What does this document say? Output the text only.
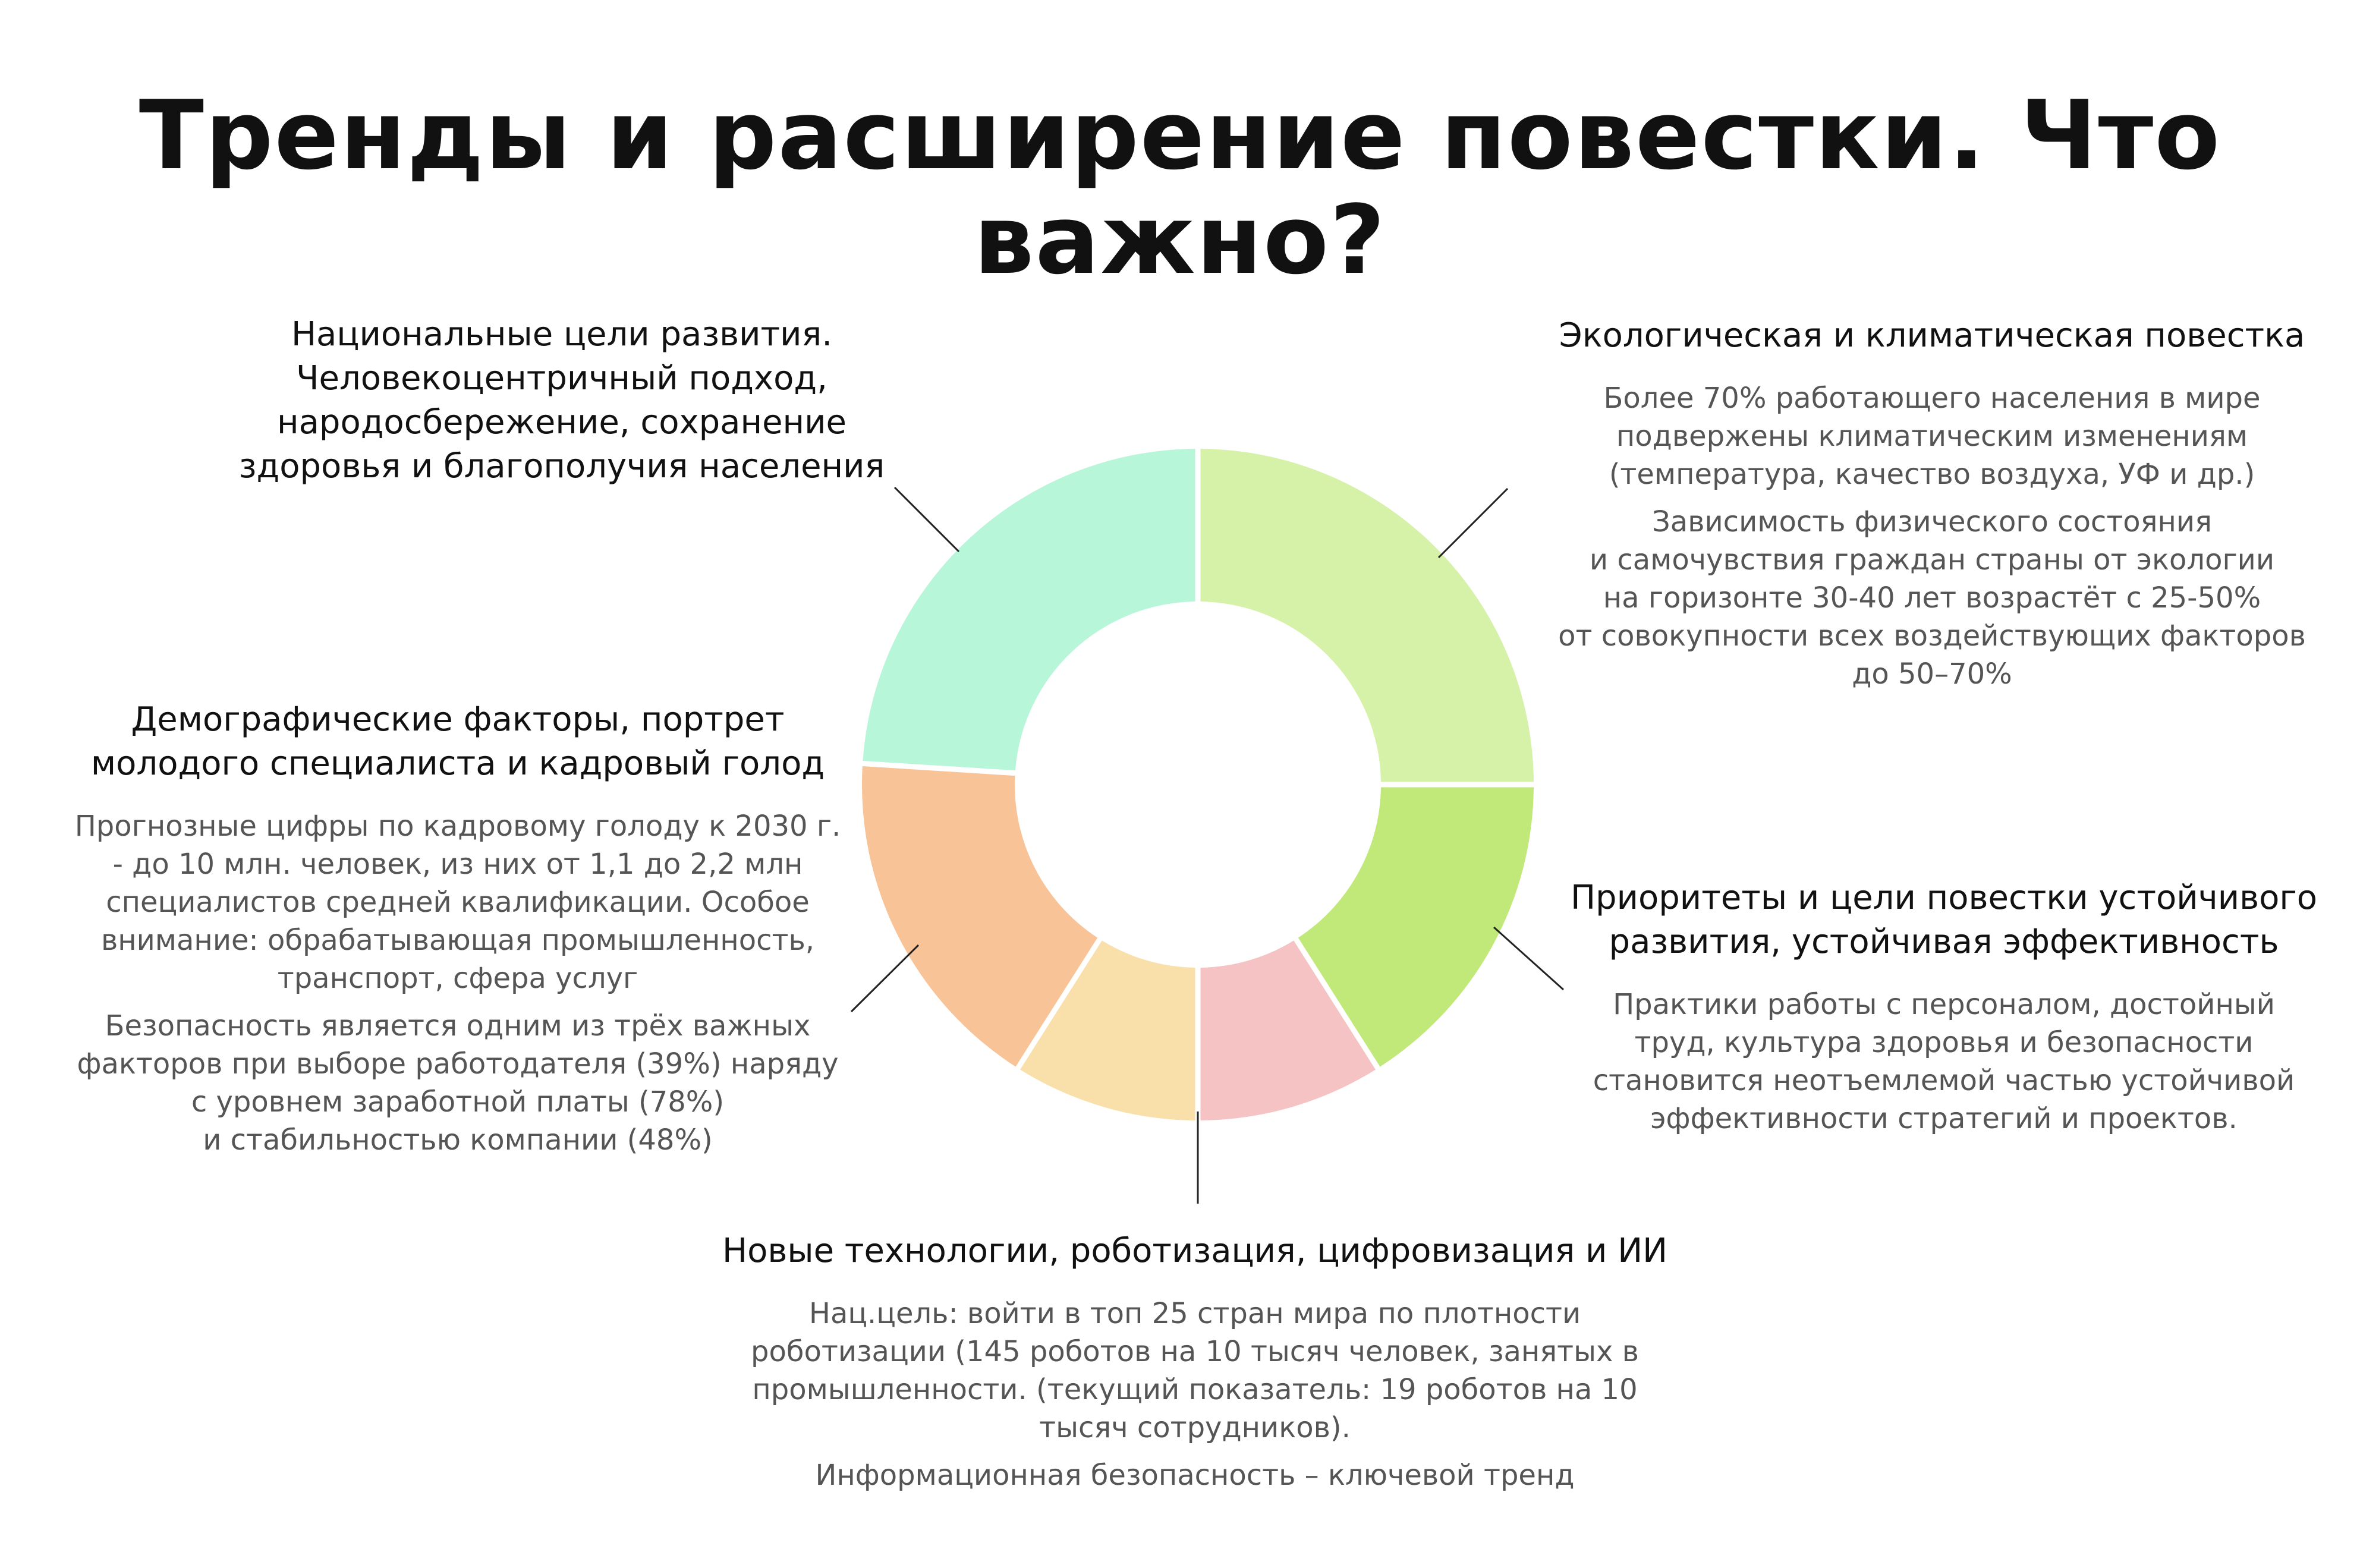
Тренды и расширение повестки. Что важно?

Национальные цели развития.
Человекоцентричный подход,
народосбережение, сохранение
здоровья и благополучия населения

Экологическая и климатическая повестка

Более 70% работающего населения в мире
подвержены климатическим изменениям
(температура, качество воздуха, УФ и др.)

Зависимость физического состояния
и самочувствия граждан страны от экологии
на горизонте 30-40 лет возрастёт с 25-50%
от совокупности всех воздействующих факторов
до 50–70%

Демографические факторы, портрет
молодого специалиста и кадровый голод

Прогнозные цифры по кадровому голоду к 2030 г.
- до 10 млн. человек, из них от 1,1 до 2,2 млн
специалистов средней квалификации. Особое
внимание: обрабатывающая промышленность,
транспорт, сфера услуг

Безопасность является одним из трёх важных
факторов при выборе работодателя (39%) наряду
с уровнем заработной платы (78%)
и стабильностью компании (48%)

Приоритеты и цели повестки устойчивого
развития, устойчивая эффективность

Практики работы с персоналом, достойный
труд, культура здоровья и безопасности
становится неотъемлемой частью устойчивой
эффективности стратегий и проектов.

Новые технологии, роботизация, цифровизация и ИИ

Нац.цель: войти в топ 25 стран мира по плотности
роботизации (145 роботов на 10 тысяч человек, занятых в
промышленности. (текущий показатель: 19 роботов на 10
тысяч сотрудников).

Информационная безопасность – ключевой тренд
